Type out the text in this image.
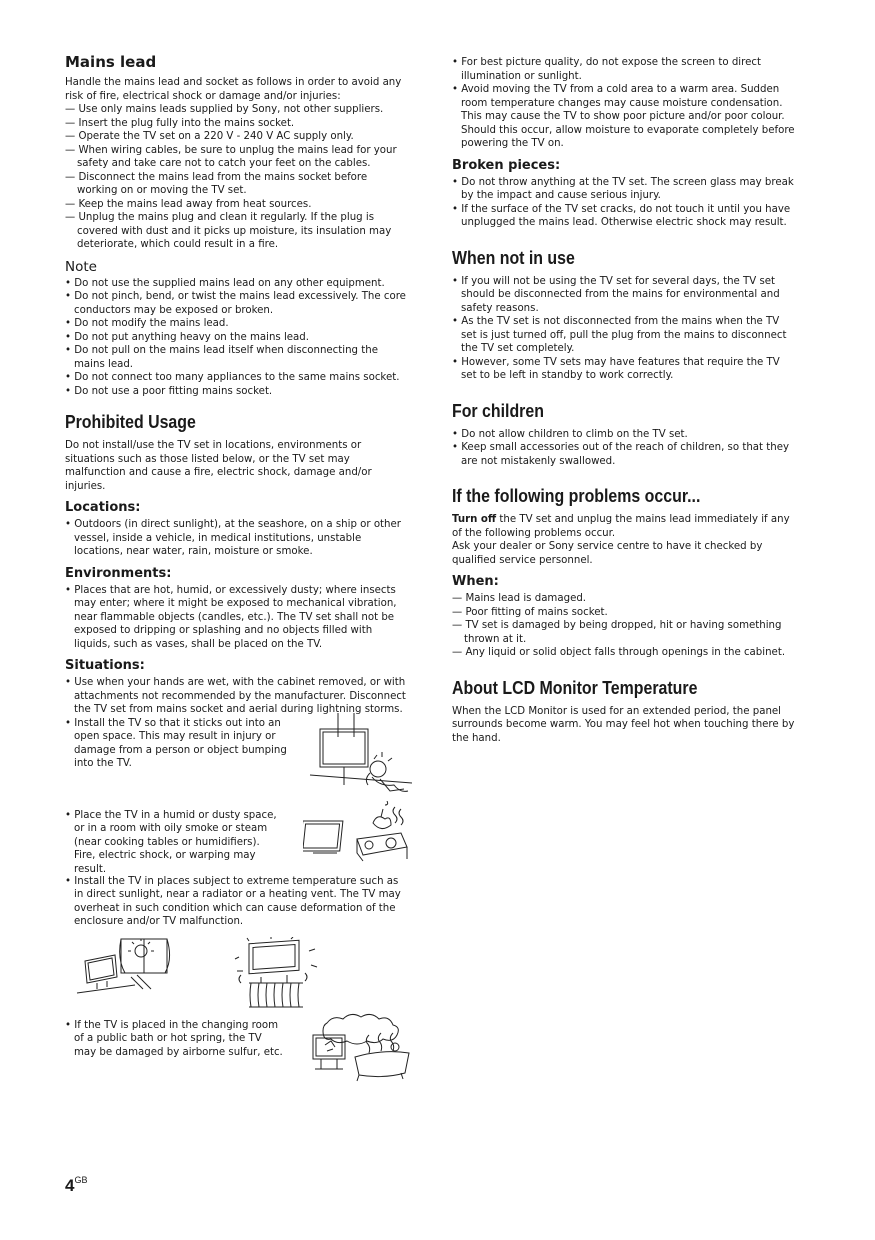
Mains lead

Handle the mains lead and socket as follows in order to avoid any risk of fire, electrical shock or damage and/or injuries:

— Use only mains leads supplied by Sony, not other suppliers.
— Insert the plug fully into the mains socket.
— Operate the TV set on a 220 V - 240 V AC supply only.
— When wiring cables, be sure to unplug the mains lead for your safety and take care not to catch your feet on the cables.
— Disconnect the mains lead from the mains socket before working on or moving the TV set.
— Keep the mains lead away from heat sources.
— Unplug the mains plug and clean it regularly. If the plug is covered with dust and it picks up moisture, its insulation may deteriorate, which could result in a fire.
Note
• Do not use the supplied mains lead on any other equipment.
• Do not pinch, bend, or twist the mains lead excessively. The core conductors may be exposed or broken.
• Do not modify the mains lead.
• Do not put anything heavy on the mains lead.
• Do not pull on the mains lead itself when disconnecting the mains lead.
• Do not connect too many appliances to the same mains socket.
• Do not use a poor fitting mains socket.
Prohibited Usage

Do not install/use the TV set in locations, environments or situations such as those listed below, or the TV set may malfunction and cause a fire, electric shock, damage and/or injuries.

Locations:
• Outdoors (in direct sunlight), at the seashore, on a ship or other vessel, inside a vehicle, in medical institutions, unstable locations, near water, rain, moisture or smoke.
Environments:
• Places that are hot, humid, or excessively dusty; where insects may enter; where it might be exposed to mechanical vibration, near flammable objects (candles, etc.). The TV set shall not be exposed to dripping or splashing and no objects filled with liquids, such as vases, shall be placed on the TV.
Situations:
• Use when your hands are wet, with the cabinet removed, or with attachments not recommended by the manufacturer. Disconnect the TV set from mains socket and aerial during lightning storms.
• Install the TV so that it sticks out into an open space. This may result in injury or damage from a person or object bumping into the TV.
• Place the TV in a humid or dusty space, or in a room with oily smoke or steam (near cooking tables or humidifiers). Fire, electric shock, or warping may result.
• Install the TV in places subject to extreme temperature such as in direct sunlight, near a radiator or a heating vent. The TV may overheat in such condition which can cause deformation of the enclosure and/or TV malfunction.
• If the TV is placed in the changing room of a public bath or hot spring, the TV may be damaged by airborne sulfur, etc.
• For best picture quality, do not expose the screen to direct illumination or sunlight.
• Avoid moving the TV from a cold area to a warm area. Sudden room temperature changes may cause moisture condensation. This may cause the TV to show poor picture and/or poor colour. Should this occur, allow moisture to evaporate completely before powering the TV on.
Broken pieces:
• Do not throw anything at the TV set. The screen glass may break by the impact and cause serious injury.
• If the surface of the TV set cracks, do not touch it until you have unplugged the mains lead. Otherwise electric shock may result.
When not in use
• If you will not be using the TV set for several days, the TV set should be disconnected from the mains for environmental and safety reasons.
• As the TV set is not disconnected from the mains when the TV set is just turned off, pull the plug from the mains to disconnect the TV set completely.
• However, some TV sets may have features that require the TV set to be left in standby to work correctly.
For children
• Do not allow children to climb on the TV set.
• Keep small accessories out of the reach of children, so that they are not mistakenly swallowed.
If the following problems occur...

Turn off the TV set and unplug the mains lead immediately if any of the following problems occur.

Ask your dealer or Sony service centre to have it checked by qualified service personnel.

When:
— Mains lead is damaged.
— Poor fitting of mains socket.
— TV set is damaged by being dropped, hit or having something thrown at it.
— Any liquid or solid object falls through openings in the cabinet.
About LCD Monitor Temperature

When the LCD Monitor is used for an extended period, the panel surrounds become warm. You may feel hot when touching there by the hand.

$4^{GB}$
